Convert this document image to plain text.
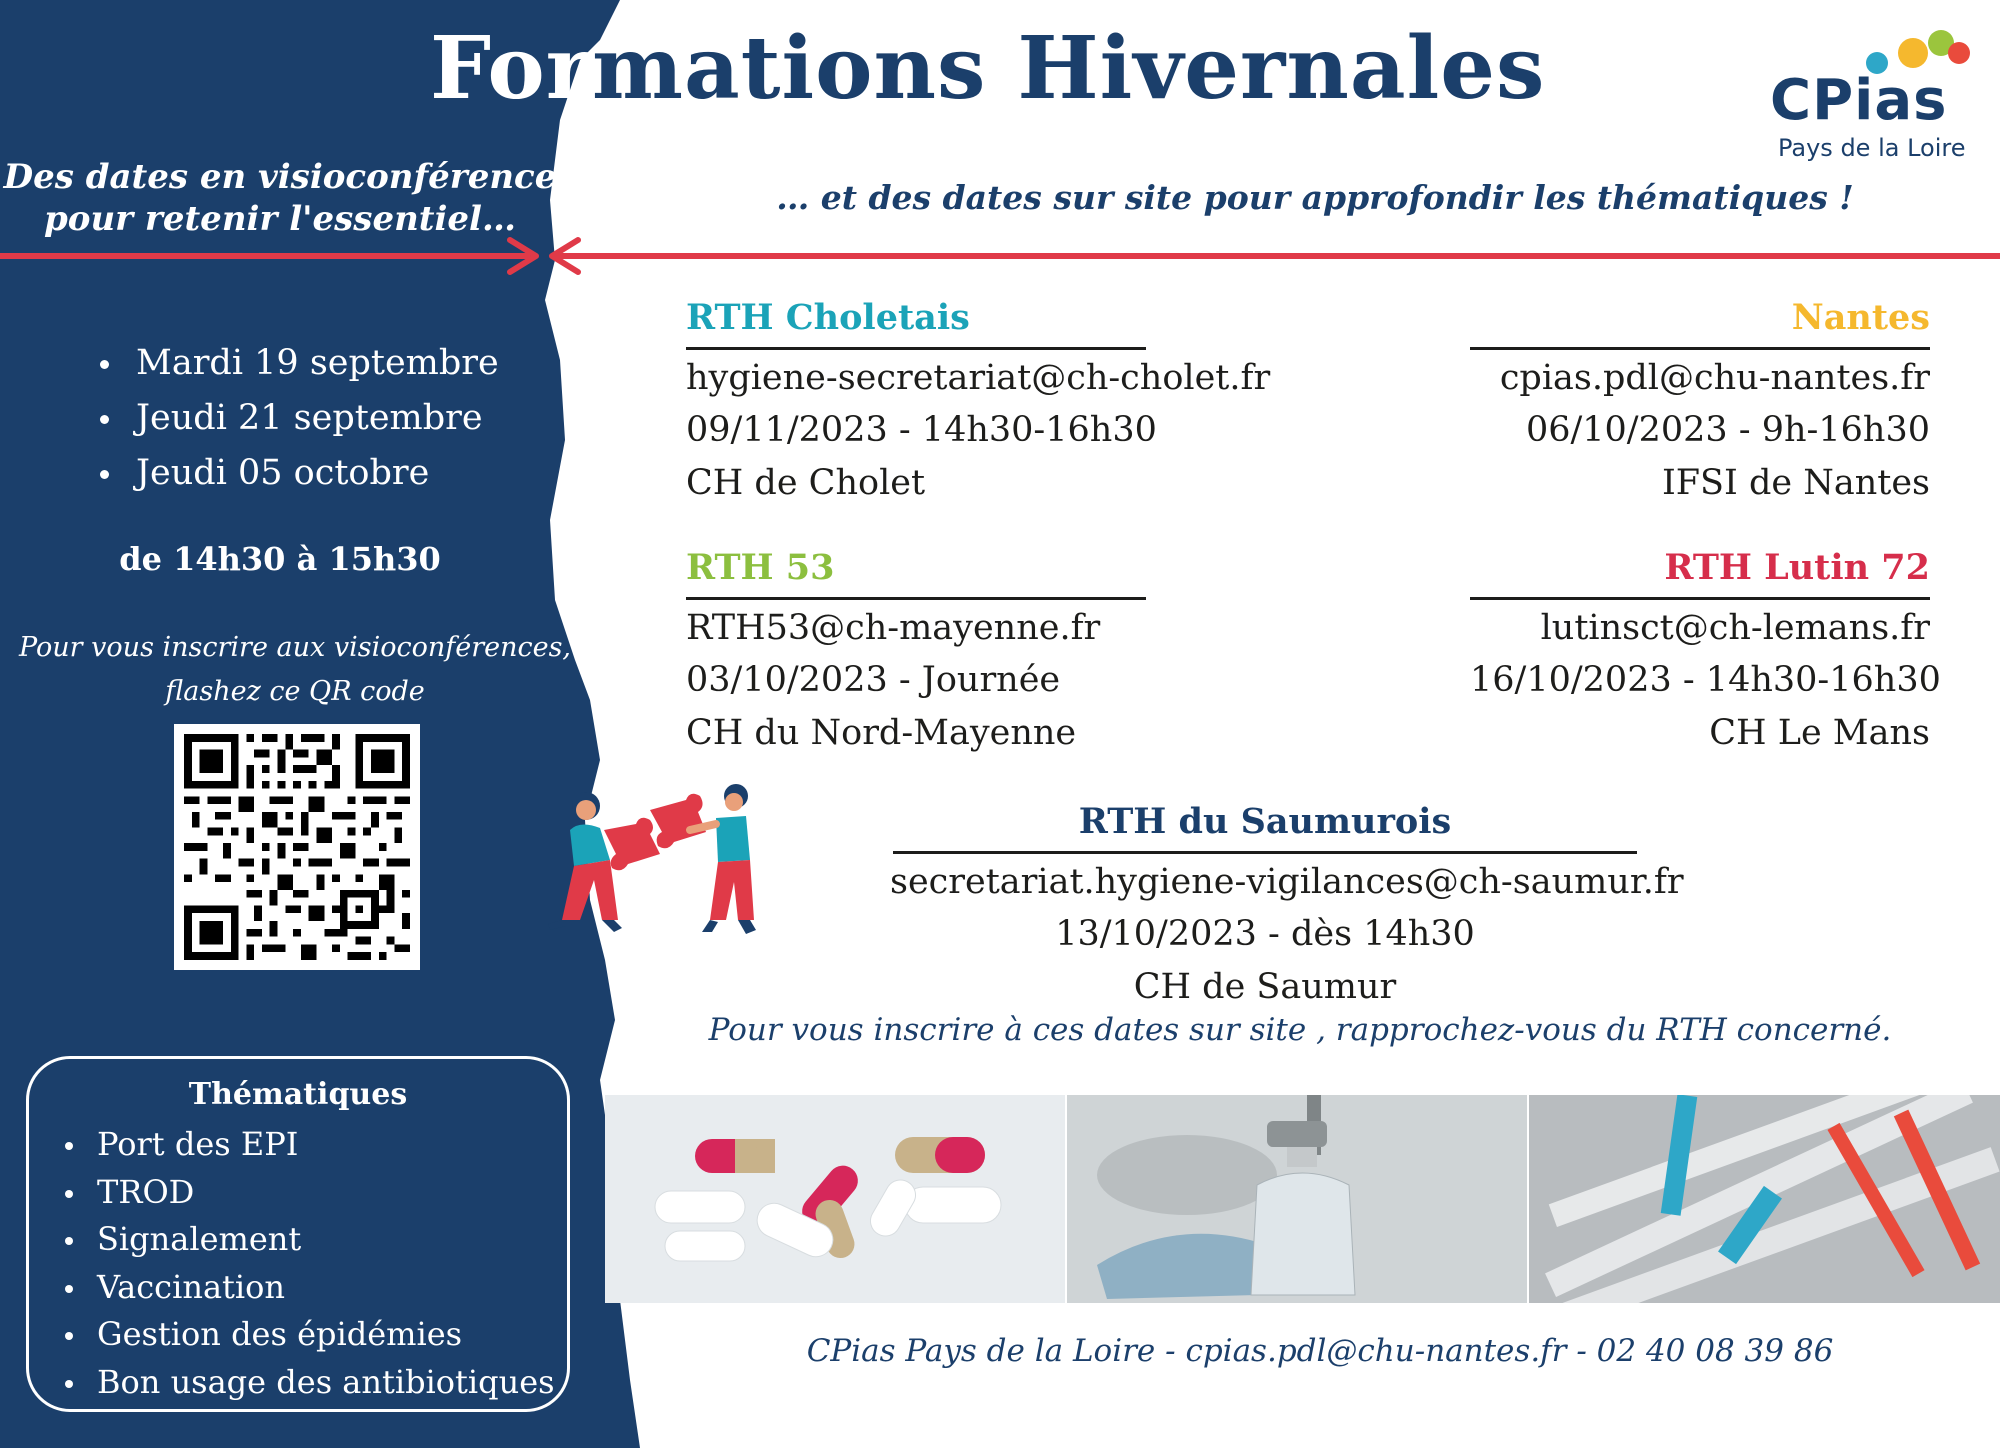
Formations Hivernales	CPias
Pays de la Loire
Des dates en visioconférence pour retenir l'essentiel…
… et des dates sur site pour approfondir les thématiques !
Mardi 19 septembre
Jeudi 21 septembre
Jeudi 05 octobre
de 14h30 à 15h30
Pour vous inscrire aux visioconférences, flashez ce QR code
Thématiques
Port des EPI
TROD
Signalement
Vaccination
Gestion des épidémies
Bon usage des antibiotiques
RTH Choletais
hygiene-secretariat@ch-cholet.fr
09/11/2023 - 14h30-16h30
CH de Cholet
Nantes
cpias.pdl@chu-nantes.fr
06/10/2023 - 9h-16h30
IFSI de Nantes
RTH 53
RTH53@ch-mayenne.fr
03/10/2023 - Journée
CH du Nord-Mayenne
RTH Lutin 72
lutinsct@ch-lemans.fr
16/10/2023 - 14h30-16h30
CH Le Mans
RTH du Saumurois
secretariat.hygiene-vigilances@ch-saumur.fr
13/10/2023 - dès 14h30
CH de Saumur
Pour vous inscrire à ces dates sur site , rapprochez-vous du RTH concerné.
CPias Pays de la Loire - cpias.pdl@chu-nantes.fr - 02 40 08 39 86
